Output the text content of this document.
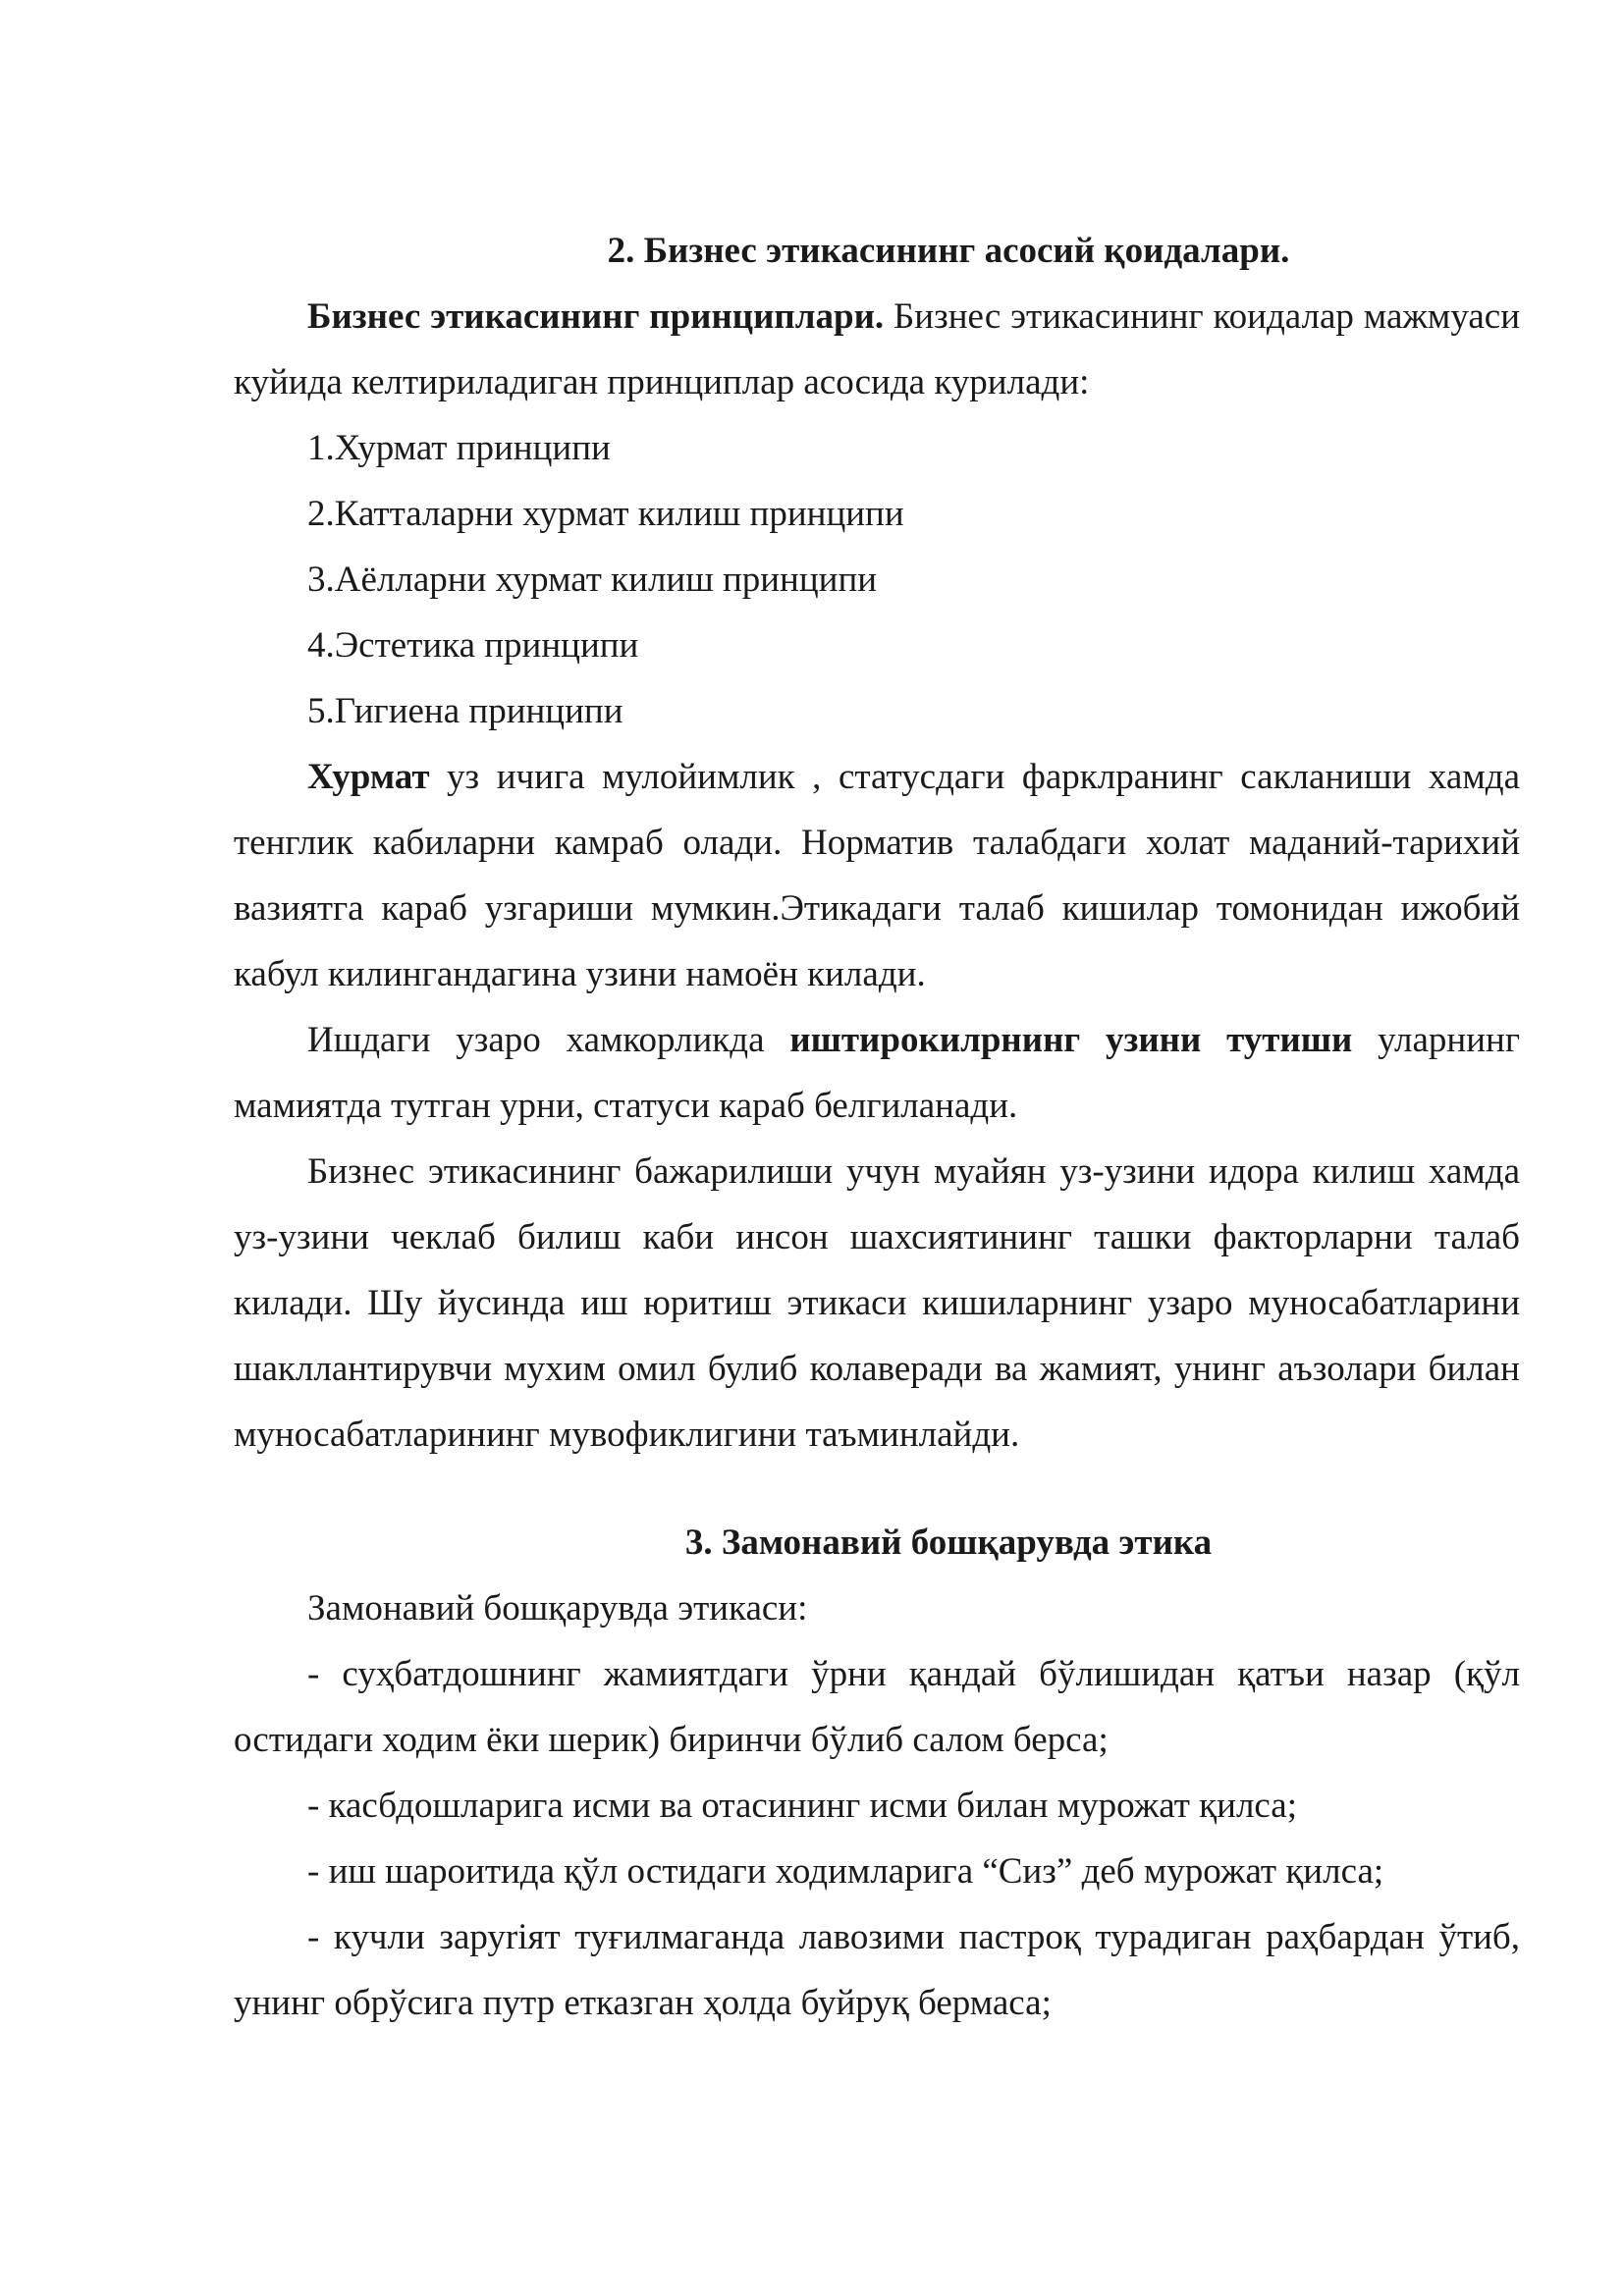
2. Бизнес этикасининг асосий қоидалари.

Бизнес этикасининг принциплари. Бизнес этикасининг коидалар мажмуаси куйида келтириладиган принциплар асосида курилади:

1.Хурмат принципи

2.Катталарни хурмат килиш принципи

3.Аёлларни хурмат килиш принципи

4.Эстетика принципи

5.Гигиена принципи

Хурмат уз ичига мулойимлик , статусдаги фарклранинг сакланиши хамда тенглик кабиларни камраб олади. Норматив талабдаги холат маданий-тарихий вазиятга караб узгариши мумкин.Этикадаги талаб кишилар томонидан ижобий кабул килингандагина узини намоён килади.

Ишдаги узаро хамкорликда иштирокилрнинг узини тутиши уларнинг мамиятда тутган урни, статуси караб белгиланади.

Бизнес этикасининг бажарилиши учун муайян уз-узини идора килиш хамда уз-узини чеклаб билиш каби инсон шахсиятининг ташки факторларни талаб килади. Шу йусинда иш юритиш этикаси кишиларнинг узаро муносабатларини шакллантирувчи мухим омил булиб колаверади ва жамият, унинг аъзолари билан муносабатларининг мувофиклигини таъминлайди.

3. Замонавий бошқарувда этика

Замонавий бошқарувда этикаси:

- суҳбатдошнинг жамиятдаги ўрни қандай бўлишидан қатъи назар (қўл остидаги ходим ёки шерик) биринчи бўлиб салом берса;

- касбдошларига исми ва отасининг исми билан мурожат қилса;

- иш шароитида қўл остидаги ходимларига “Сиз” деб мурожат қилса;

- кучли заруriят туғилмаганда лавозими пастроқ турадиган раҳбардан ўтиб, унинг обрўсига путр етказган ҳолда буйруқ бермаса;
